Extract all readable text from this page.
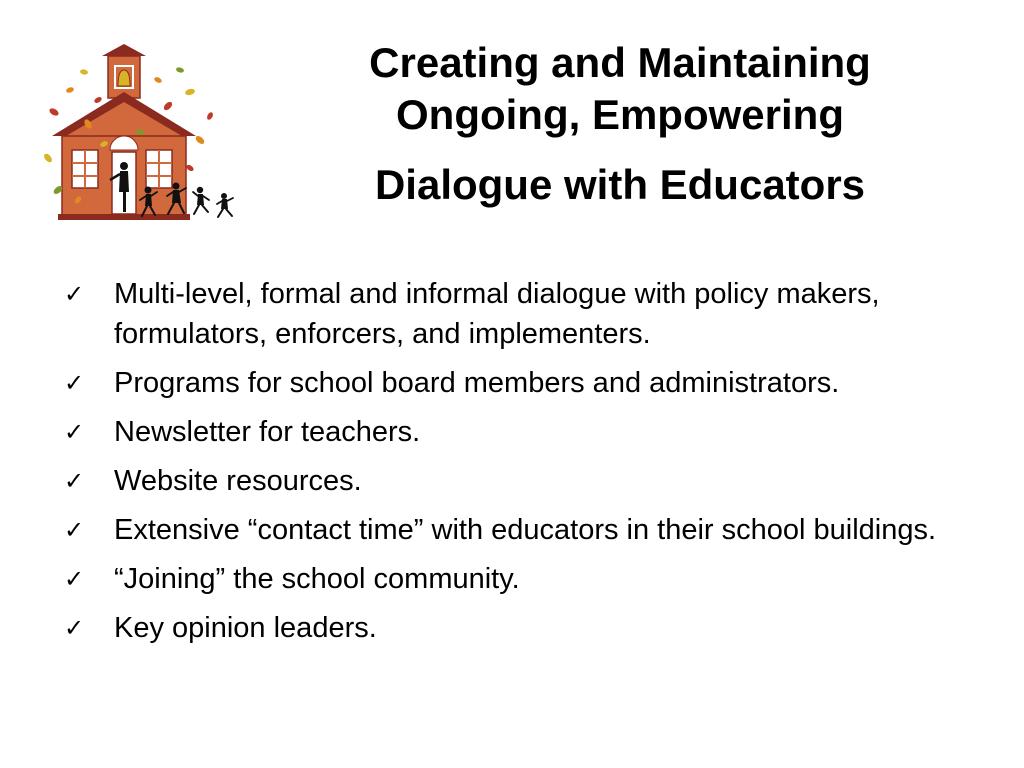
Creating and Maintaining
Ongoing, Empowering
Dialogue with Educators
✓ Multi-level, formal and informal dialogue with policy makers, formulators, enforcers, and implementers.
✓ Programs for school board members and administrators.
✓ Newsletter for teachers.
✓ Website resources.
✓ Extensive “contact time” with educators in their school buildings.
✓ “Joining” the school community.
✓ Key opinion leaders.
